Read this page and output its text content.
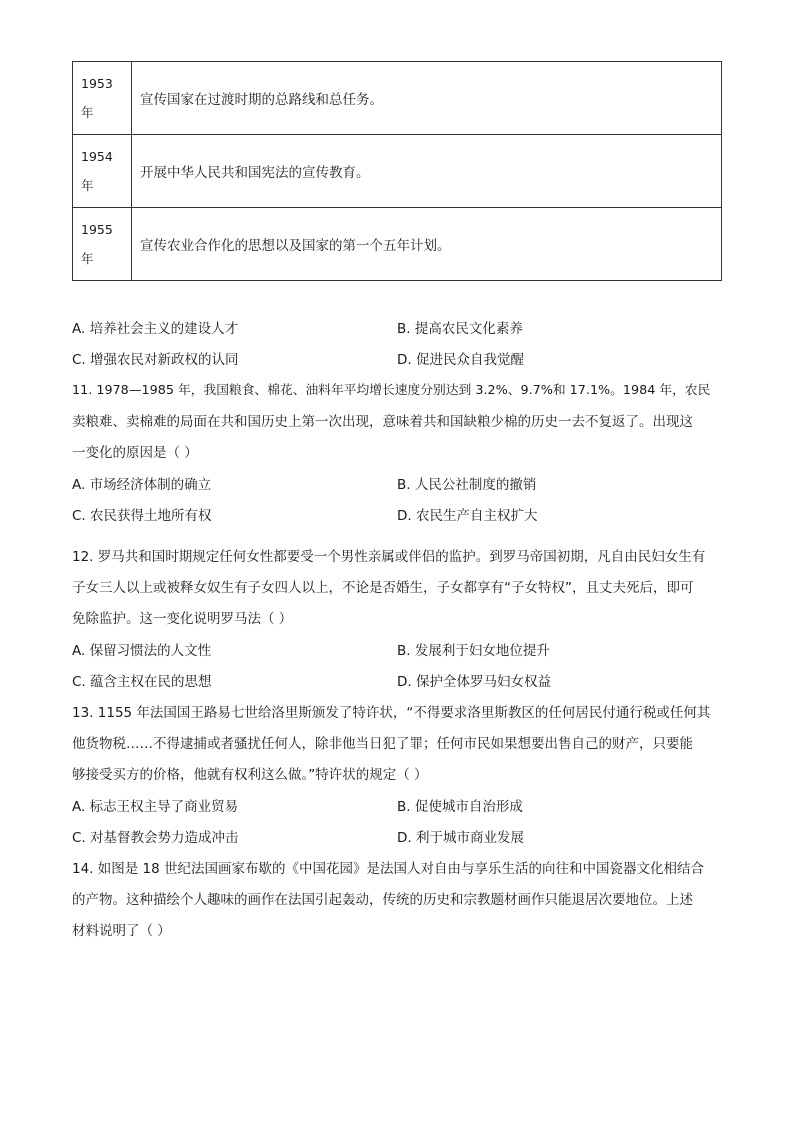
1953
年	宣传国家在过渡时期的总路线和总任务。

1954
年	开展中华人民共和国宪法的宣传教育。

1955
年	宣传农业合作化的思想以及国家的第一个五年计划。
A. 培养社会主义的建设人才	B. 提高农民文化素养
C. 增强农民对新政权的认同	D. 促进民众自我觉醒
11. 1978—1985 年，我国粮食、棉花、油料年平均增长速度分别达到 3.2%、9.7%和 17.1%。1984 年，农民
卖粮难、卖棉难的局面在共和国历史上第一次出现，意味着共和国缺粮少棉的历史一去不复返了。出现这
一变化的原因是（ ）
A. 市场经济体制的确立	B. 人民公社制度的撤销
C. 农民获得土地所有权	D. 农民生产自主权扩大
12. 罗马共和国时期规定任何女性都要受一个男性亲属或伴侣的监护。到罗马帝国初期，凡自由民妇女生有
子女三人以上或被释女奴生有子女四人以上，不论是否婚生，子女都享有“子女特权”，且丈夫死后，即可
免除监护。这一变化说明罗马法（ ）
A. 保留习惯法的人文性	B. 发展利于妇女地位提升
C. 蕴含主权在民的思想	D. 保护全体罗马妇女权益
13. 1155 年法国国王路易七世给洛里斯颁发了特许状，“不得要求洛里斯教区的任何居民付通行税或任何其
他货物税……不得逮捕或者骚扰任何人，除非他当日犯了罪；任何市民如果想要出售自己的财产，只要能
够接受买方的价格，他就有权利这么做。”特许状的规定（ ）
A. 标志王权主导了商业贸易	B. 促使城市自治形成
C. 对基督教会势力造成冲击	D. 利于城市商业发展
14. 如图是 18 世纪法国画家布歇的《中国花园》是法国人对自由与享乐生活的向往和中国瓷器文化相结合
的产物。这种描绘个人趣味的画作在法国引起轰动，传统的历史和宗教题材画作只能退居次要地位。上述
材料说明了（ ）
